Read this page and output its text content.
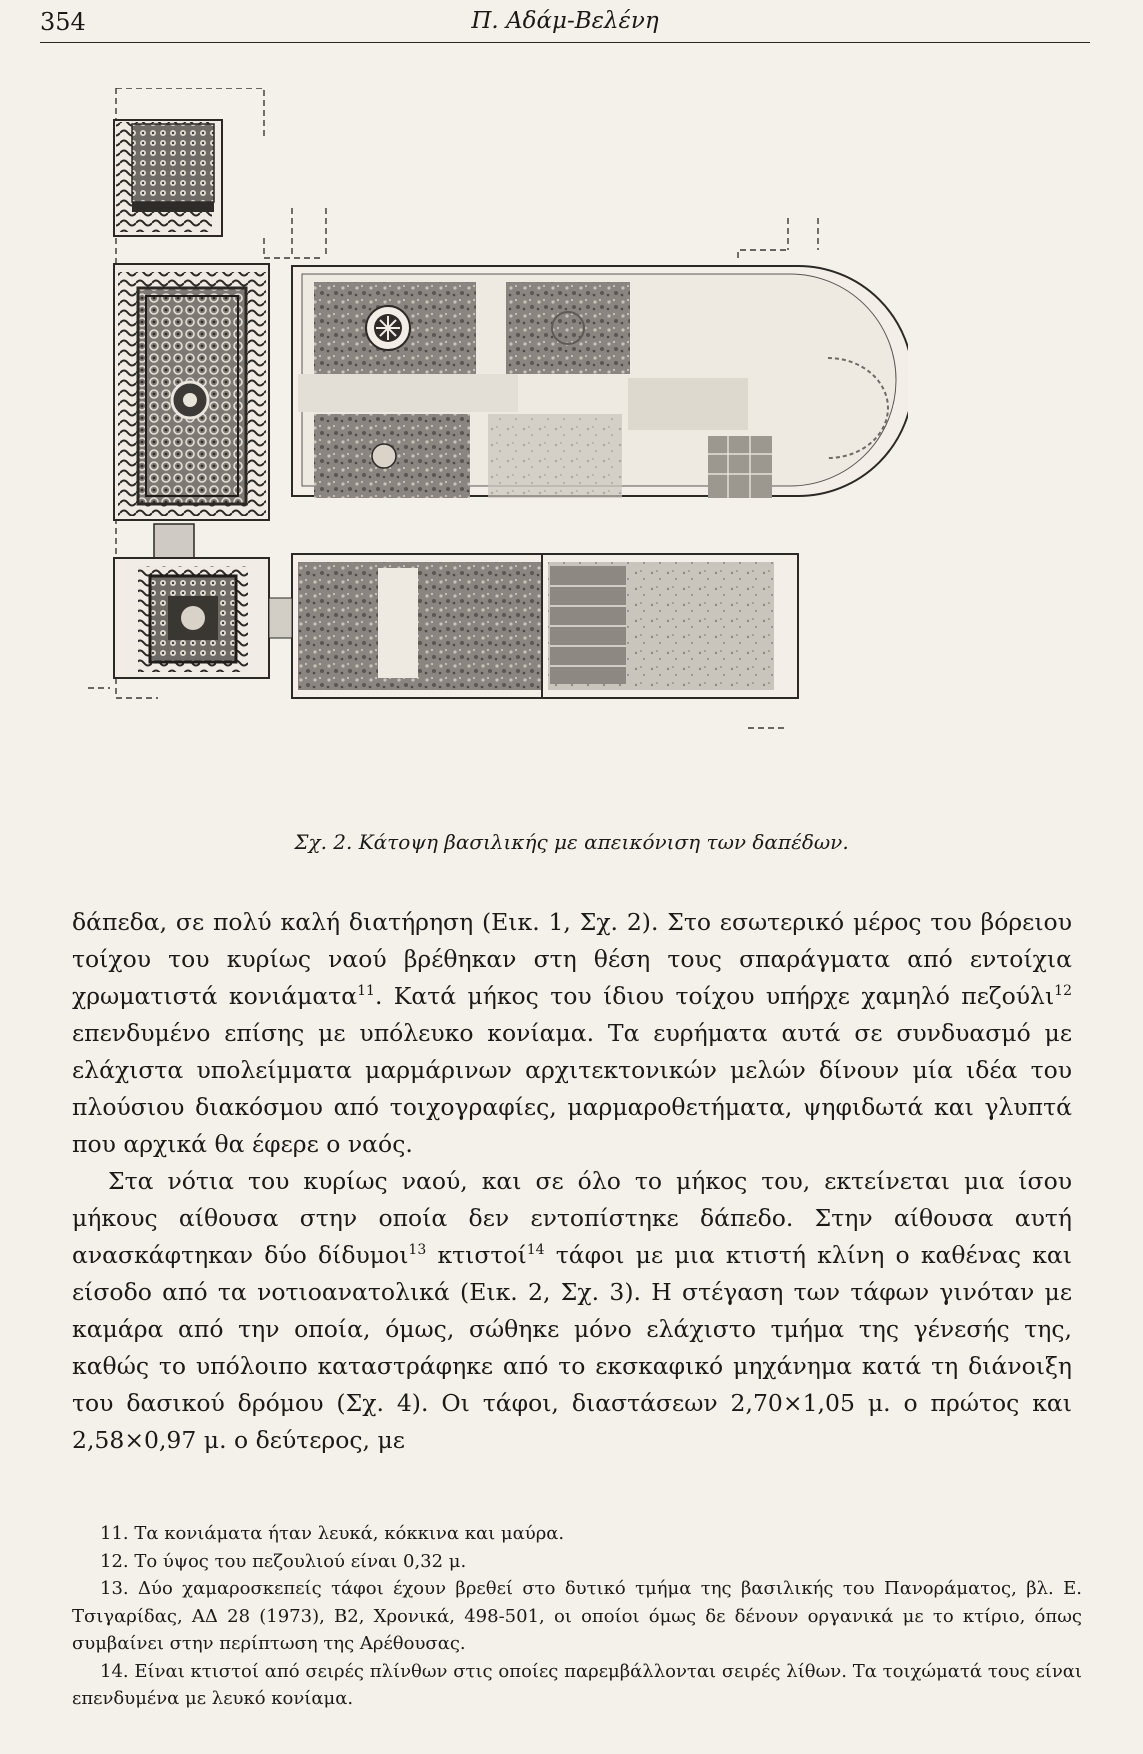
354	Π. Αδάμ-Βελένη
Σχ. 2. Κάτοψη βασιλικής με απεικόνιση των δαπέδων.

δάπεδα, σε πολύ καλή διατήρηση (Εικ. 1, Σχ. 2). Στο εσωτερικό μέρος του βόρειου τοίχου του κυρίως ναού βρέθηκαν στη θέση τους σπαράγματα από εντοίχια χρωματιστά κονιάματα$^{11}$. Κατά μήκος του ίδιου τοίχου υπήρχε χαμηλό πεζούλι$^{12}$ επενδυμένο επίσης με υπόλευκο κονίαμα. Τα ευρήματα αυτά σε συνδυασμό με ελάχιστα υπολείμματα μαρμάρινων αρχιτεκτονικών μελών δίνουν μία ιδέα του πλούσιου διακόσμου από τοιχογραφίες, μαρμαροθετήματα, ψηφιδωτά και γλυπτά που αρχικά θα έφερε ο ναός.

Στα νότια του κυρίως ναού, και σε όλο το μήκος του, εκτείνεται μια ίσου μήκους αίθουσα στην οποία δεν εντοπίστηκε δάπεδο. Στην αίθουσα αυτή ανασκάφτηκαν δύο δίδυμοι$^{13}$ κτιστοί$^{14}$ τάφοι με μια κτιστή κλίνη ο καθένας και είσοδο από τα νοτιοανατολικά (Εικ. 2, Σχ. 3). Η στέγαση των τάφων γινόταν με καμάρα από την οποία, όμως, σώθηκε μόνο ελάχιστο τμήμα της γένεσής της, καθώς το υπόλοιπο καταστράφηκε από το εκσκαφικό μηχάνημα κατά τη διάνοιξη του δασικού δρόμου (Σχ. 4). Οι τάφοι, διαστάσεων 2,70×1,05 μ. ο πρώτος και 2,58×0,97 μ. ο δεύτερος, με

11. Τα κονιάματα ήταν λευκά, κόκκινα και μαύρα.

12. Το ύψος του πεζουλιού είναι 0,32 μ.

13. Δύο χαμαροσκεπείς τάφοι έχουν βρεθεί στο δυτικό τμήμα της βασιλικής του Πανοράματος, βλ. Ε. Τσιγαρίδας, ΑΔ 28 (1973), Β2, Χρονικά, 498-501, οι οποίοι όμως δε δένουν οργανικά με το κτίριο, όπως συμβαίνει στην περίπτωση της Αρέθουσας.

14. Είναι κτιστοί από σειρές πλίνθων στις οποίες παρεμβάλλονται σειρές λίθων. Τα τοιχώματά τους είναι επενδυμένα με λευκό κονίαμα.
